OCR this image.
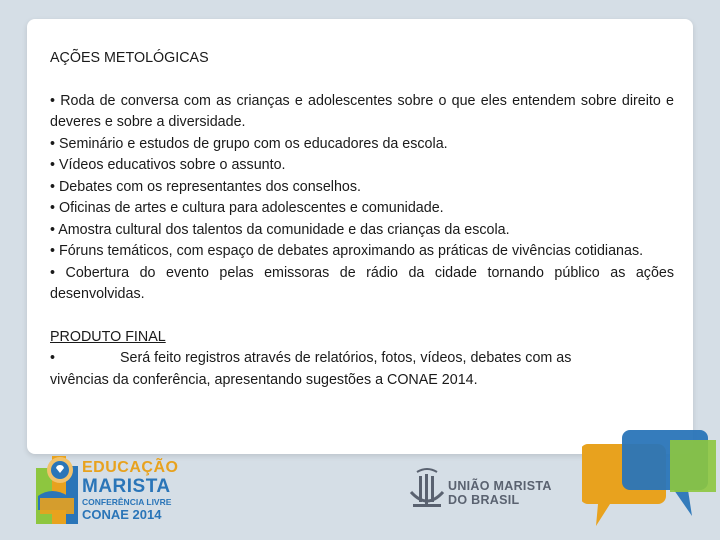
AÇÕES METOLÓGICAS

• Roda de conversa com as crianças e adolescentes sobre o que eles entendem sobre direito e deveres e sobre a diversidade.

• Seminário e estudos de grupo com os educadores da escola.

• Vídeos educativos sobre o assunto.

• Debates com os representantes dos conselhos.

• Oficinas de artes e cultura para adolescentes e comunidade.

• Amostra cultural dos talentos da comunidade e das crianças da escola.

• Fóruns temáticos, com espaço de debates aproximando as práticas de vivências cotidianas.

• Cobertura do evento pelas emissoras de rádio da cidade tornando público as ações desenvolvidas.

PRODUTO FINAL

•	Será feito registros através de relatórios, fotos, vídeos, debates com as

vivências da conferência, apresentando sugestões a CONAE 2014.

EDUCAÇÃO
MARISTA
CONFERÊNCIA LIVRE
CONAE 2014
UNIÃO MARISTA
DO BRASIL
